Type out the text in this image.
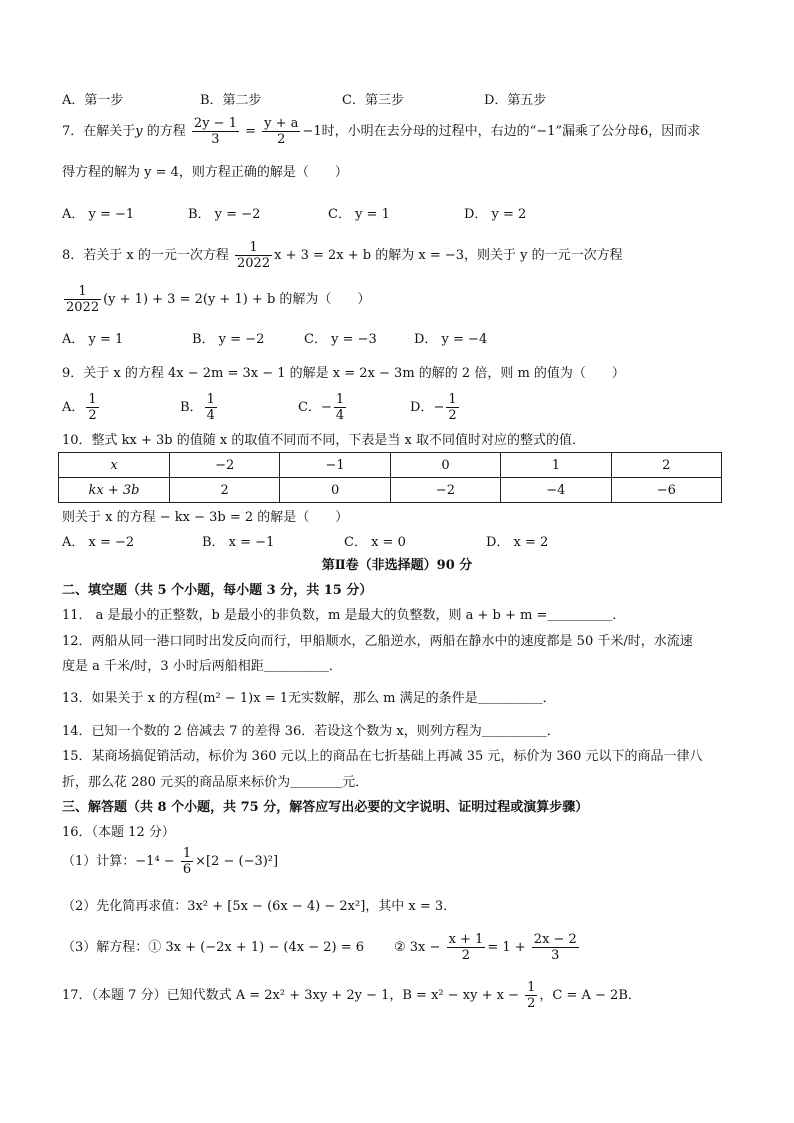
A．第一步	B．第二步	C．第三步	D．第五步
7．在解关于y 的方程 $\frac{2y - 1}{3} = \frac{y + a}{2} -1$时，小明在去分母的过程中，右边的“−1”漏乘了公分母6，因而求
得方程的解为 y = 4，则方程正确的解是（　　）
A． y = −1	B． y = −2	C． y = 1	D． y = 2
8．若关于 x 的一元一次方程 $\frac{1}{2022}$ x + 3 = 2x + b 的解为 x = −3，则关于 y 的一元一次方程
$\frac{1}{2022} (y + 1) + 3 = 2(y + 1) + b$ 的解为（　　）
A． y = 1	B． y = −2	C． y = −3	D． y = −4
9．关于 x 的方程 4x − 2m = 3x − 1 的解是 x = 2x − 3m 的解的 2 倍，则 m 的值为（　　）
A． $\frac{1}{2}$	B． $\frac{1}{4}$	C．− $\frac{1}{4}$	D．− $\frac{1}{2}$
10．整式 kx + 3b 的值随 x 的取值不同而不同，下表是当 x 取不同值时对应的整式的值．
x	−2	−1	0	1	2
kx + 3b	2	0	−2	−4	−6
则关于 x 的方程 − kx − 3b = 2 的解是（　　）
A． x = −2	B． x = −1	C． x = 0	D． x = 2
第Ⅱ卷（非选择题）90 分
二、填空题（共 5 个小题，每小题 3 分，共 15 分）
11． a 是最小的正整数，b 是最小的非负数，m 是最大的负整数，则 a + b + m =＿＿＿＿＿．
12．两船从同一港口同时出发反向而行，甲船顺水，乙船逆水，两船在静水中的速度都是 50 千米/时，水流速
度是 a 千米/时，3 小时后两船相距＿＿＿＿＿．
13．如果关于 x 的方程(m² − 1)x = 1无实数解，那么 m 满足的条件是＿＿＿＿＿．
14．已知一个数的 2 倍减去 7 的差得 36．若设这个数为 x，则列方程为＿＿＿＿＿．
15．某商场搞促销活动，标价为 360 元以上的商品在七折基础上再减 35 元，标价为 360 元以下的商品一律八
折，那么花 280 元买的商品原来标价为＿＿＿＿元．
三、解答题（共 8 个小题，共 75 分，解答应写出必要的文字说明、证明过程或演算步骤）
16．（本题 12 分）
（1）计算：$-1^4 - \frac{1}{6} \times[2 - (-3)^2]$
（2）先化简再求值：3x² + [5x − (6x − 4) − 2x²]，其中 x = 3．
（3）解方程：① 3x + (−2x + 1) − (4x − 2) = 6 ② $3x - \frac{x + 1}{2} = 1 + \frac{2x - 2}{3}$
17．（本题 7 分）已知代数式 A = 2x² + 3xy + 2y − 1，B = x² − xy + $x - \frac{1}{2}$ ，C = A − 2B．
